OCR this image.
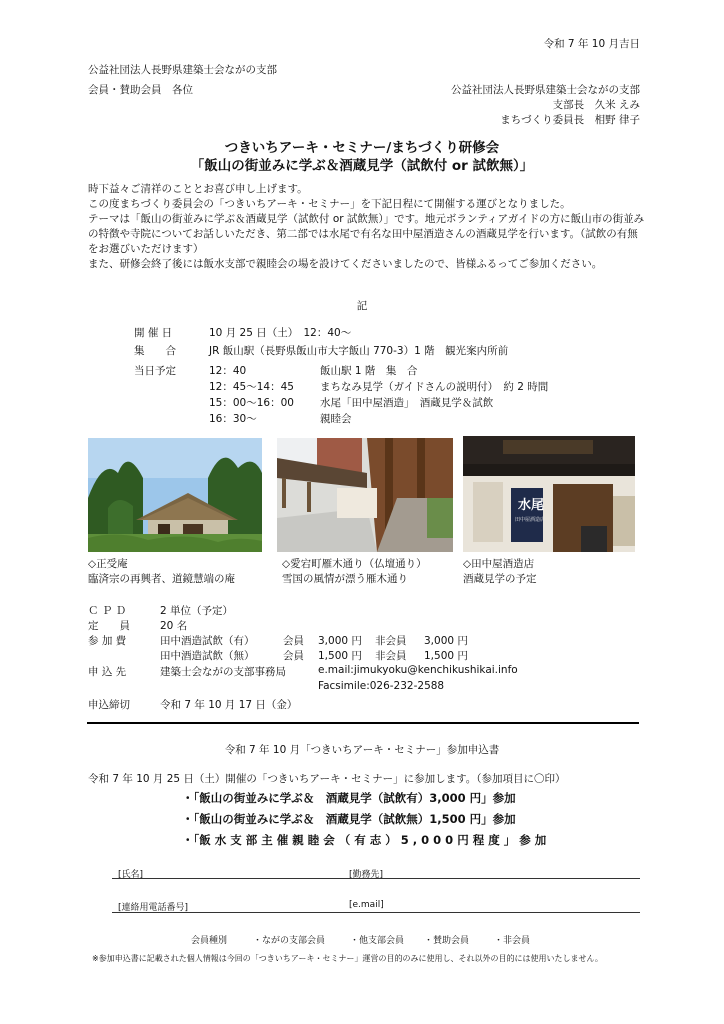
令和 7 年 10 月吉日
公益社団法人長野県建築士会ながの支部
会員・賛助会員　各位	公益社団法人長野県建築士会ながの支部
支部長　久米 えみ
まちづくり委員長　相野 律子
つきいちアーキ・セミナー/まちづくり研修会
「飯山の街並みに学ぶ＆酒蔵見学（試飲付 or 試飲無）」

時下益々ご清祥のこととお喜び申し上げます。

この度まちづくり委員会の「つきいちアーキ・セミナー」を下記日程にて開催する運びとなりました。

テーマは「飯山の街並みに学ぶ＆酒蔵見学（試飲付 or 試飲無）」です。地元ボランティアガイドの方に飯山市の街並みの特徴や寺院についてお話しいただき、第二部では水尾で有名な田中屋酒造さんの酒蔵見学を行います。（試飲の有無をお選びいただけます）

また、研修会終了後には飯水支部で親睦会の場を設けてくださいましたので、皆様ふるってご参加ください。

記
開 催 日	10 月 25 日（土）　12：40～
集　　合	JR 飯山駅（長野県飯山市大字飯山 770-3）1 階　観光案内所前
当日予定	12：40	飯山駅 1 階　集　合
12：45～14：45 まちなみ見学（ガイドさんの説明付）　約 2 時間
15：00～16：00 水尾「田中屋酒造」　酒蔵見学＆試飲
16：30～	親睦会
◇正受庵
臨済宗の再興者、道鏡慧端の庵
◇愛宕町雁木通り（仏壇通り）
雪国の風情が漂う雁木通り
水尾
田中屋酒造店
◇田中屋酒造店
酒蔵見学の予定
Ｃ Ｐ Ｄ	2 単位（予定）
定　　員	20 名
参 加 費	田中酒造試飲（有）	会員 3,000 円 非会員 3,000 円
田中酒造試飲（無）	会員 1,500 円 非会員 1,500 円
申 込 先	建築士会ながの支部事務局	e.mail:jimukyoku@kenchikushikai.info
Facsimile:026-232-2588
申込締切	令和 7 年 10 月 17 日（金）
令和 7 年 10 月「つきいちアーキ・セミナー」参加申込書
令和 7 年 10 月 25 日（土）開催の「つきいちアーキ・セミナー」に参加します。（参加項目に〇印）
・「飯山の街並みに学ぶ＆　酒蔵見学（試飲有）3,000 円」参加
・「飯山の街並みに学ぶ＆　酒蔵見学（試飲無）1,500 円」参加
・「飯 水 支 部 主 催 親 睦 会 （ 有 志 ） 5 , 0 0 0 円 程 度 」 参 加
[氏名]	[勤務先]
[連絡用電話番号]	[e.mail]
会員種別	・ながの支部会員	・他支部会員 ・賛助会員	・非会員
※参加申込書に記載された個人情報は今回の「つきいちアーキ・セミナー」運営の目的のみに使用し、それ以外の目的には使用いたしません。
